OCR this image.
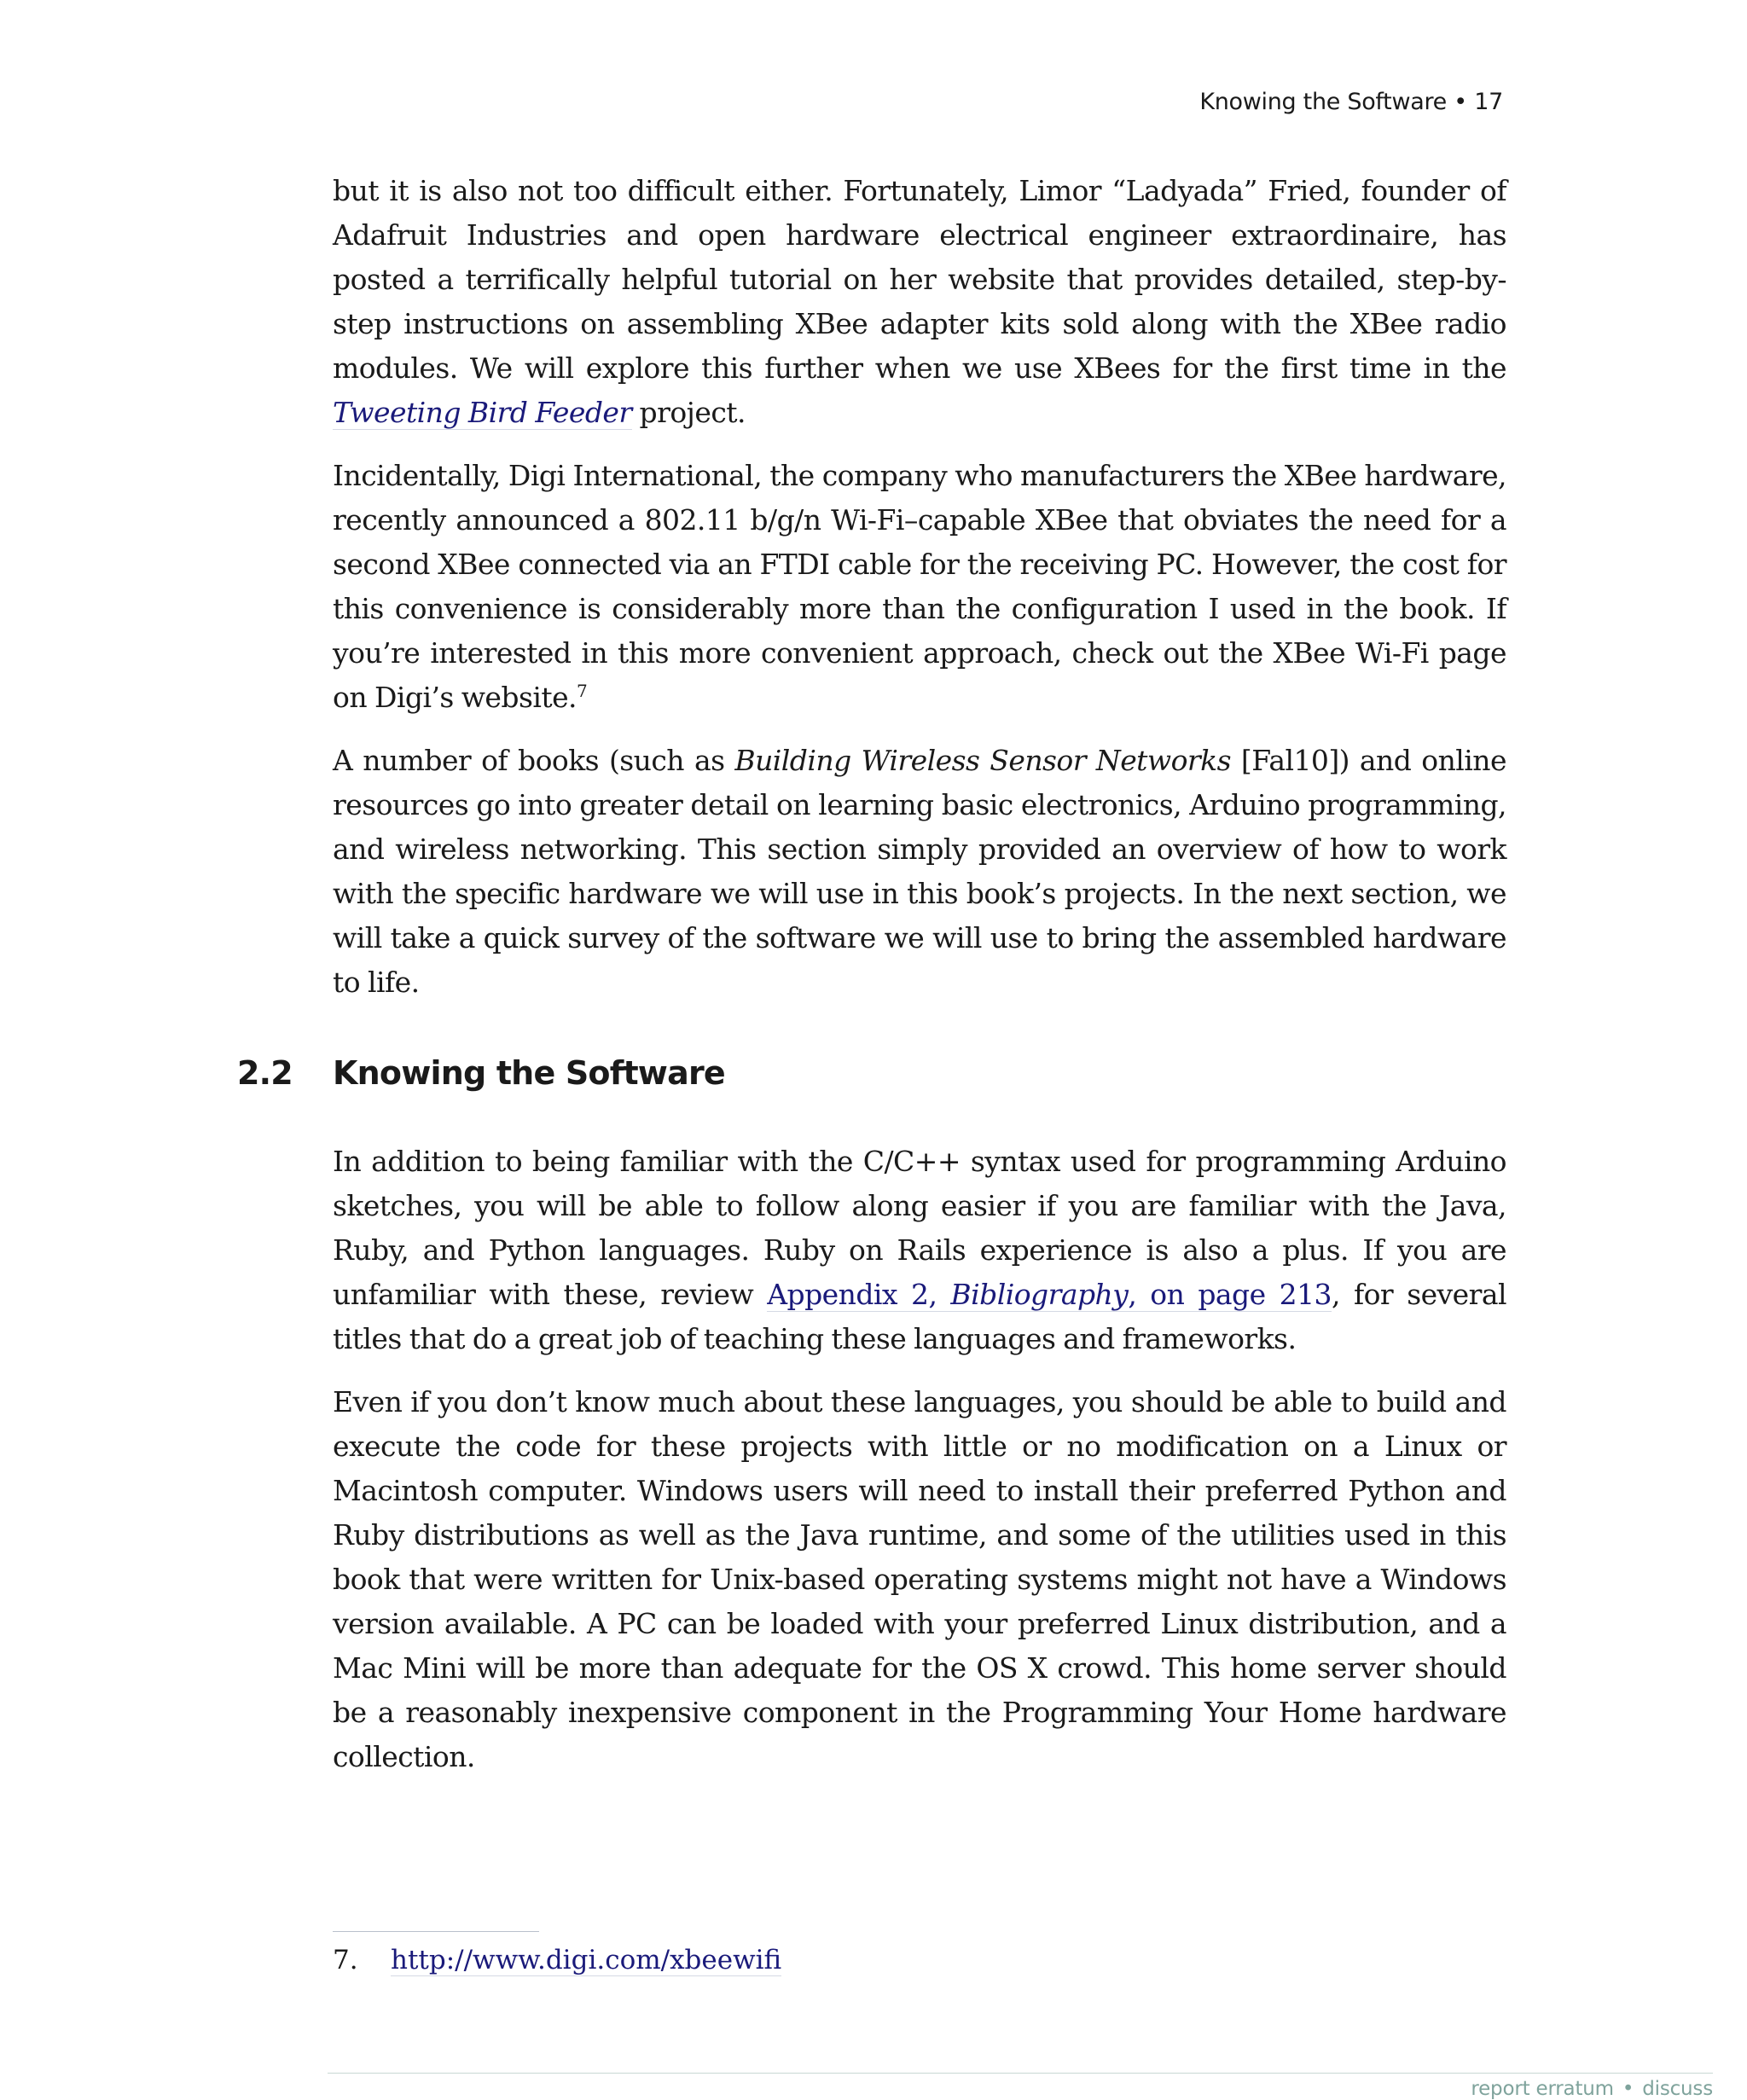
Knowing the Software • 17

but it is also not too difficult either. Fortunately, Limor “Ladyada” Fried, founder of Adafruit Industries and open hardware electrical engineer extraordinaire, has posted a terrifically helpful tutorial on her website that provides detailed, step-by-step instructions on assembling XBee adapter kits sold along with the XBee radio modules. We will explore this further when we use XBees for the first time in the Tweeting Bird Feeder project.

Incidentally, Digi International, the company who manufacturers the XBee hardware, recently announced a 802.11 b/g/n Wi-Fi–capable XBee that obviates the need for a second XBee connected via an FTDI cable for the receiving PC. However, the cost for this convenience is considerably more than the configuration I used in the book. If you’re interested in this more convenient approach, check out the XBee Wi-Fi page on Digi’s website.$^7$

A number of books (such as Building Wireless Sensor Networks [Fal10]) and online resources go into greater detail on learning basic electronics, Arduino programming, and wireless networking. This section simply provided an overview of how to work with the specific hardware we will use in this book’s projects. In the next section, we will take a quick survey of the software we will use to bring the assembled hardware to life.

2.2 Knowing the Software

In addition to being familiar with the C/C++ syntax used for programming Arduino sketches, you will be able to follow along easier if you are familiar with the Java, Ruby, and Python languages. Ruby on Rails experience is also a plus. If you are unfamiliar with these, review Appendix 2, Bibliography, on page 213, for several titles that do a great job of teaching these languages and frameworks.

Even if you don’t know much about these languages, you should be able to build and execute the code for these projects with little or no modification on a Linux or Macintosh computer. Windows users will need to install their preferred Python and Ruby distributions as well as the Java runtime, and some of the utilities used in this book that were written for Unix-based operating systems might not have a Windows version available. A PC can be loaded with your preferred Linux distribution, and a Mac Mini will be more than adequate for the OS X crowd. This home server should be a reasonably inexpensive component in the Programming Your Home hardware collection.

7. http://www.digi.com/xbeewifi
report erratum • discuss
